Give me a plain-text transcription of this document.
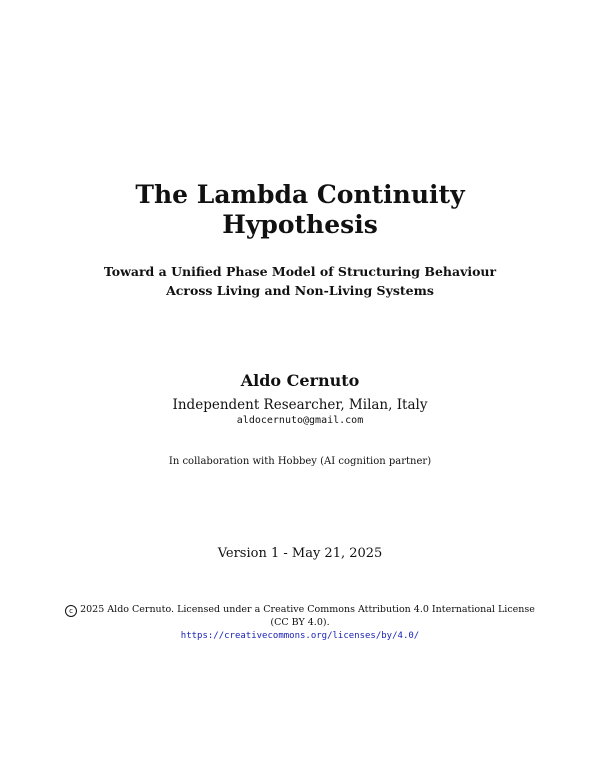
The Lambda Continuity
Hypothesis
Toward a Unified Phase Model of Structuring Behaviour
Across Living and Non-Living Systems
Aldo Cernuto
Independent Researcher, Milan, Italy
aldocernuto@gmail.com
In collaboration with Hobbey (AI cognition partner)
Version 1 - May 21, 2025
c 2025 Aldo Cernuto. Licensed under a Creative Commons Attribution 4.0 International License
(CC BY 4.0).
https://creativecommons.org/licenses/by/4.0/
